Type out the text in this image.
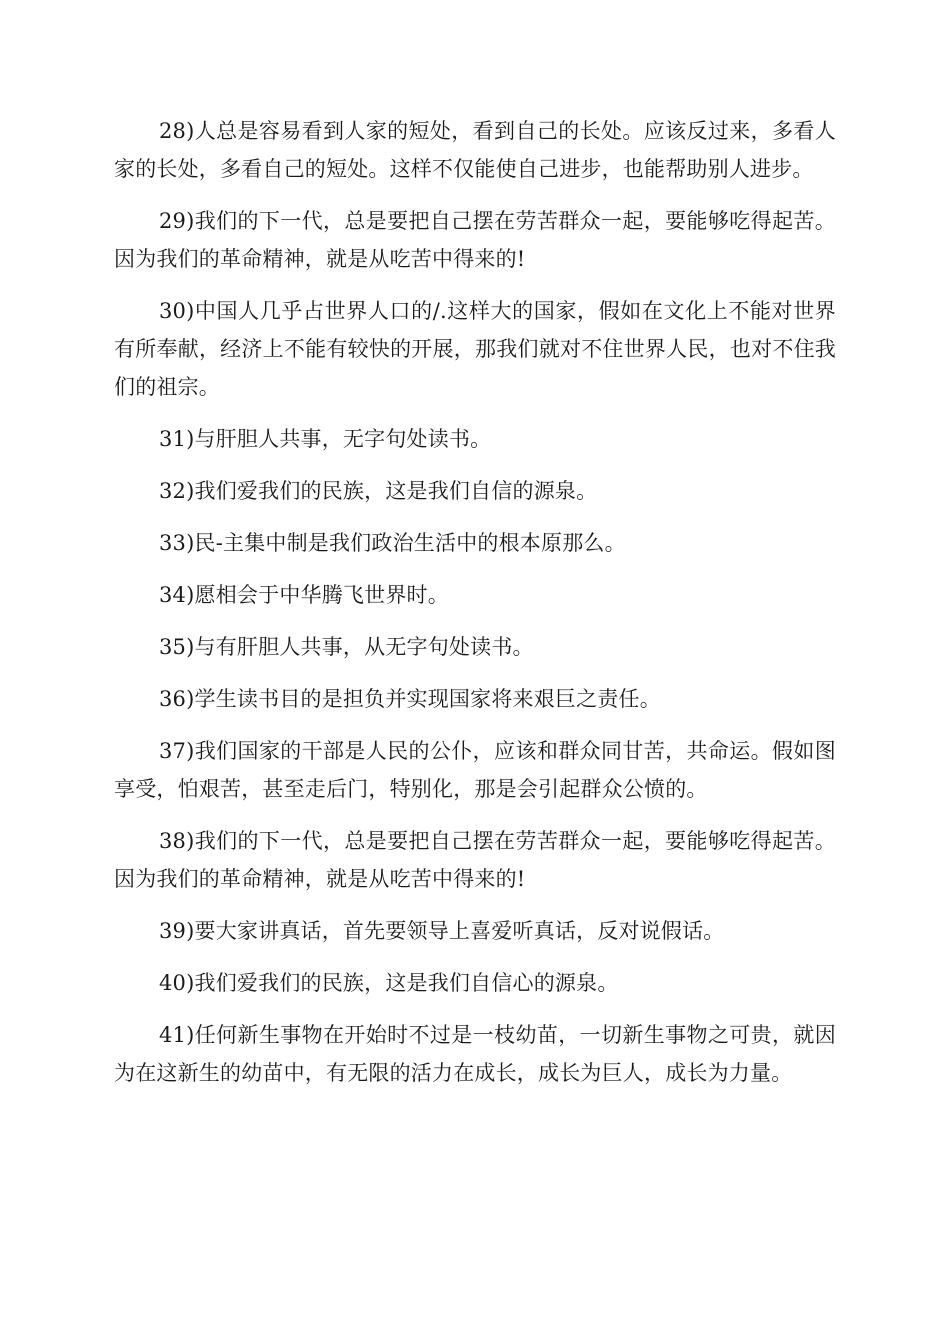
28)人总是容易看到人家的短处，看到自己的长处。应该反过来，多看人家的长处，多看自己的短处。这样不仅能使自己进步，也能帮助别人进步。

29)我们的下一代，总是要把自己摆在劳苦群众一起，要能够吃得起苦。因为我们的革命精神，就是从吃苦中得来的!

30)中国人几乎占世界人口的/.这样大的国家，假如在文化上不能对世界有所奉献，经济上不能有较快的开展，那我们就对不住世界人民，也对不住我们的祖宗。

31)与肝胆人共事，无字句处读书。

32)我们爱我们的民族，这是我们自信的源泉。

33)民-主集中制是我们政治生活中的根本原那么。

34)愿相会于中华腾飞世界时。

35)与有肝胆人共事，从无字句处读书。

36)学生读书目的是担负并实现国家将来艰巨之责任。

37)我们国家的干部是人民的公仆，应该和群众同甘苦，共命运。假如图享受，怕艰苦，甚至走后门，特别化，那是会引起群众公愤的。

38)我们的下一代，总是要把自己摆在劳苦群众一起，要能够吃得起苦。因为我们的革命精神，就是从吃苦中得来的!

39)要大家讲真话，首先要领导上喜爱听真话，反对说假话。

40)我们爱我们的民族，这是我们自信心的源泉。

41)任何新生事物在开始时不过是一枝幼苗，一切新生事物之可贵，就因为在这新生的幼苗中，有无限的活力在成长，成长为巨人，成长为力量。
